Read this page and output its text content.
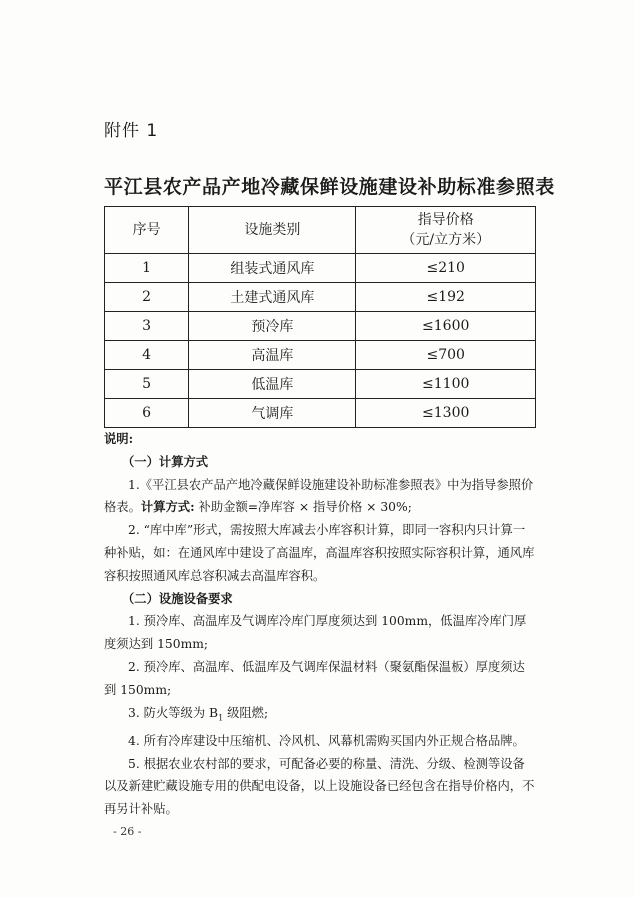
附件 1
平江县农产品产地冷藏保鲜设施建设补助标准参照表
序号	设施类别	指导价格
（元/立方米）

1	组装式通风库	≤210
2	土建式通风库	≤192
3	预冷库	≤1600
4	高温库	≤700
5	低温库	≤1100
6	气调库	≤1300

说明:

（一）计算方式

1.《平江县农产品产地冷藏保鲜设施建设补助标准参照表》中为指导参照价格表。计算方式: 补助金额=净库容 × 指导价格 × 30%;

2. “库中库”形式，需按照大库减去小库容积计算，即同一容积内只计算一种补贴，如：在通风库中建设了高温库，高温库容积按照实际容积计算，通风库容积按照通风库总容积减去高温库容积。

（二）设施设备要求

1. 预冷库、高温库及气调库冷库门厚度须达到 100mm，低温库冷库门厚度须达到 150mm;

2. 预冷库、高温库、低温库及气调库保温材料（聚氨酯保温板）厚度须达到 150mm;

3. 防火等级为 $B_1$ 级阻燃;

4. 所有冷库建设中压缩机、冷风机、风幕机需购买国内外正规合格品牌。

5. 根据农业农村部的要求，可配备必要的称量、清洗、分级、检测等设备以及新建贮藏设施专用的供配电设备，以上设施设备已经包含在指导价格内，不再另计补贴。

- 26 -
